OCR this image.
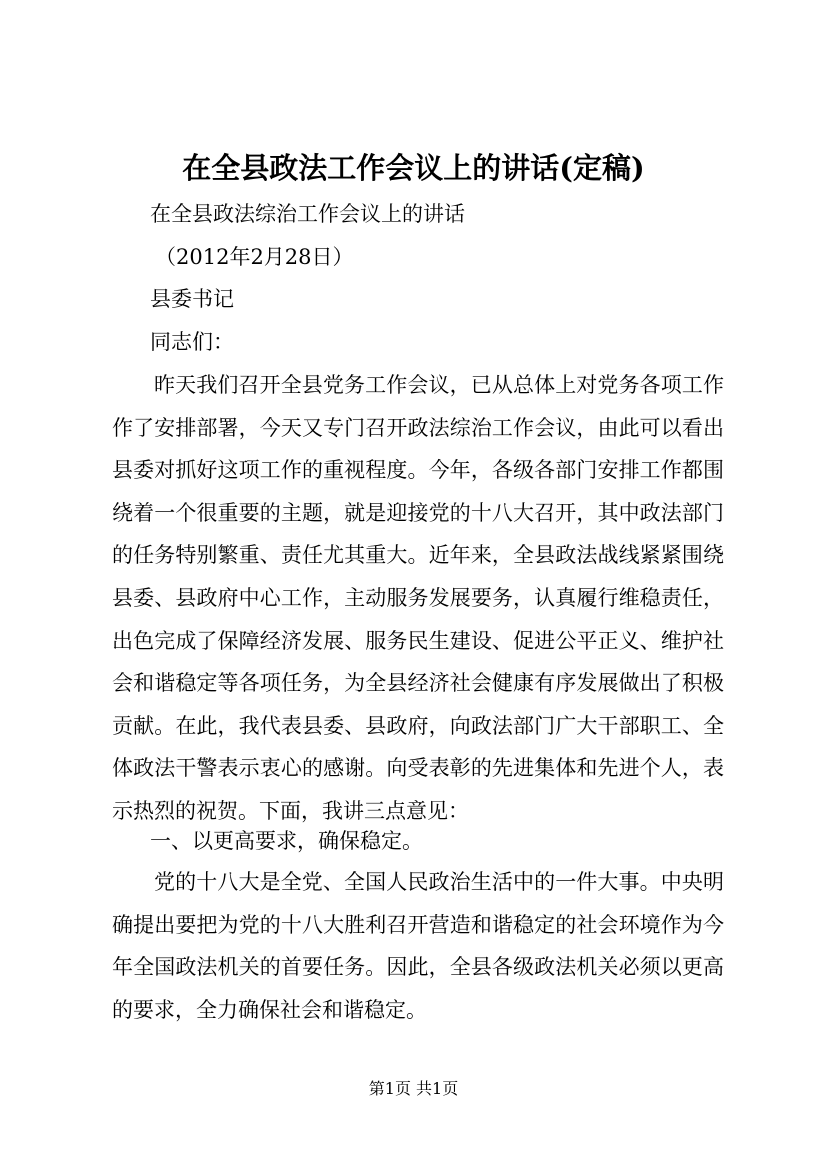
在全县政法工作会议上的讲话(定稿)
在全县政法综治工作会议上的讲话
（2012年2月28日）
县委书记
同志们：
昨天我们召开全县党务工作会议，已从总体上对党务各项工作作了安排部署，今天又专门召开政法综治工作会议，由此可以看出县委对抓好这项工作的重视程度。今年，各级各部门安排工作都围绕着一个很重要的主题，就是迎接党的十八大召开，其中政法部门的任务特别繁重、责任尤其重大。近年来，全县政法战线紧紧围绕县委、县政府中心工作，主动服务发展要务，认真履行维稳责任，出色完成了保障经济发展、服务民生建设、促进公平正义、维护社会和谐稳定等各项任务，为全县经济社会健康有序发展做出了积极贡献。在此，我代表县委、县政府，向政法部门广大干部职工、全体政法干警表示衷心的感谢。向受表彰的先进集体和先进个人，表示热烈的祝贺。下面，我讲三点意见：
一、以更高要求，确保稳定。
党的十八大是全党、全国人民政治生活中的一件大事。中央明确提出要把为党的十八大胜利召开营造和谐稳定的社会环境作为今年全国政法机关的首要任务。因此，全县各级政法机关必须以更高的要求，全力确保社会和谐稳定。
第1页 共1页
